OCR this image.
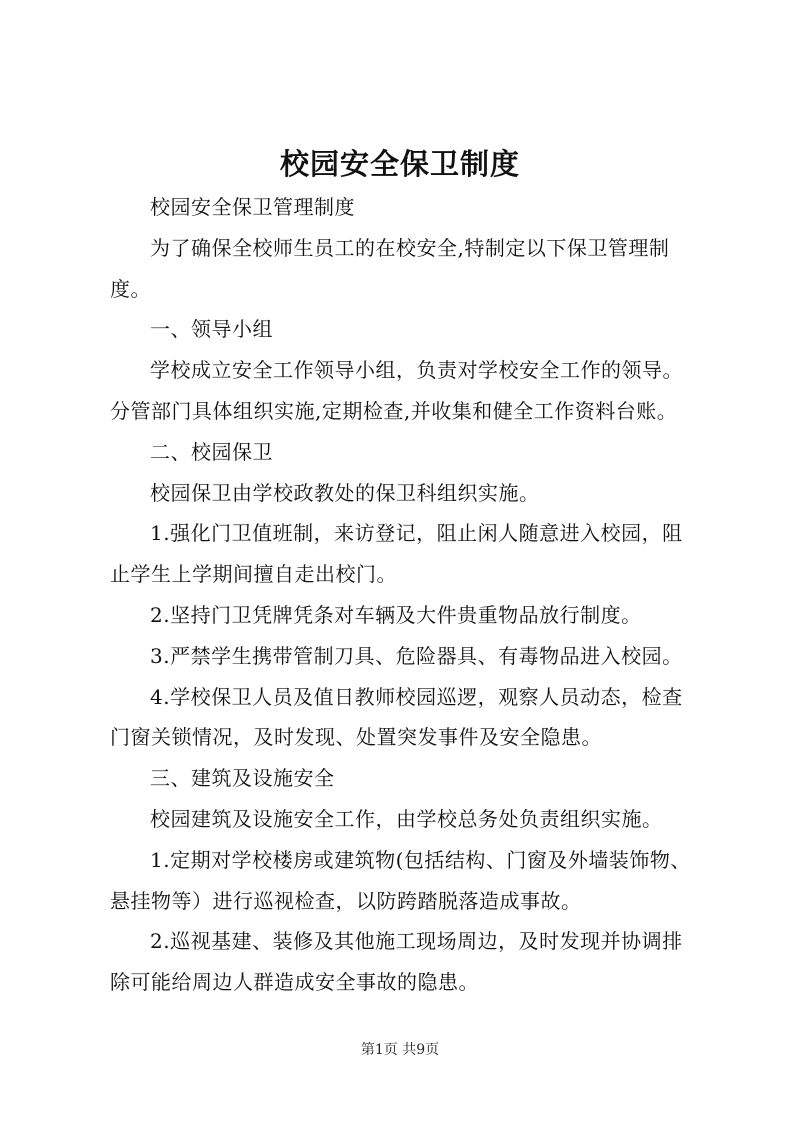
校园安全保卫制度
校园安全保卫管理制度
为了确保全校师生员工的在校安全,特制定以下保卫管理制
度。
一、领导小组
学校成立安全工作领导小组，负责对学校安全工作的领导。
分管部门具体组织实施,定期检查,并收集和健全工作资料台账。
二、校园保卫
校园保卫由学校政教处的保卫科组织实施。
1.强化门卫值班制，来访登记，阻止闲人随意进入校园，阻
止学生上学期间擅自走出校门。
2.坚持门卫凭牌凭条对车辆及大件贵重物品放行制度。
3.严禁学生携带管制刀具、危险器具、有毒物品进入校园。
4.学校保卫人员及值日教师校园巡逻，观察人员动态，检查
门窗关锁情况，及时发现、处置突发事件及安全隐患。
三、建筑及设施安全
校园建筑及设施安全工作，由学校总务处负责组织实施。
1.定期对学校楼房或建筑物(包括结构、门窗及外墙装饰物、
悬挂物等）进行巡视检查，以防跨踏脱落造成事故。
2.巡视基建、装修及其他施工现场周边，及时发现并协调排
除可能给周边人群造成安全事故的隐患。
第1页 共9页
